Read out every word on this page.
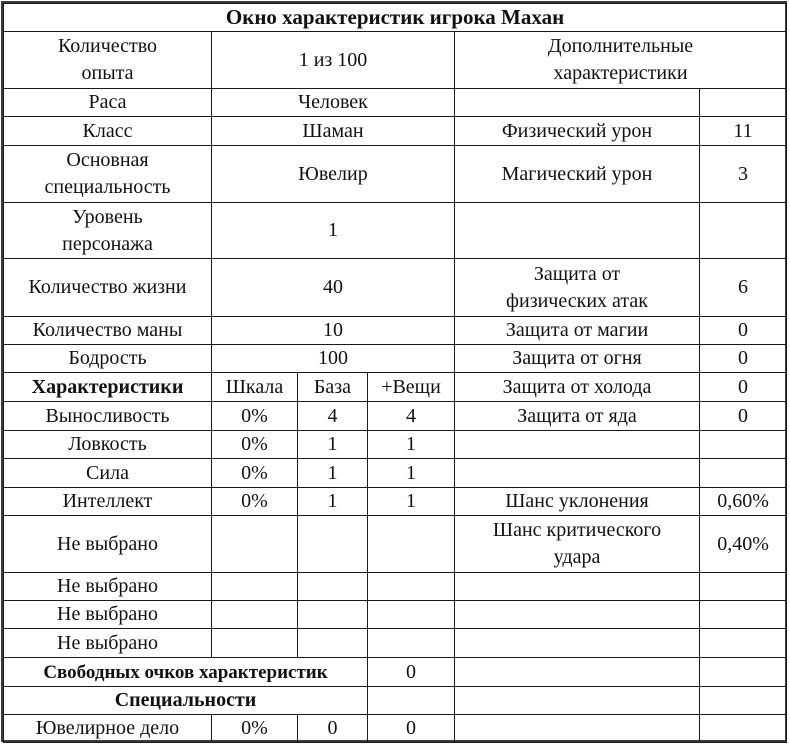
Окно характеристик игрока Махан					
Количество
опыта	1 из 100			Дополнительные
характеристики	
Раса	Человек				
Класс	Шаман			Физический урон	11
Основная
специальность	Ювелир			Магический урон	3
Уровень
персонажа	1				
Количество жизни	40			Защита от
физических атак	6
Количество маны	10			Защита от магии	0
Бодрость	100			Защита от огня	0
Характеристики	Шкала	База	+Вещи	Защита от холода	0
Выносливость	0%	4	4	Защита от яда	0
Ловкость	0%	1	1		
Сила	0%	1	1		
Интеллект	0%	1	1	Шанс уклонения	0,60%
Не выбрано				Шанс критического
удара	0,40%
Не выбрано					
Не выбрано					
Не выбрано					
Свободных очков характеристик			0		
Специальности					
Ювелирное дело	0%	0	0		
